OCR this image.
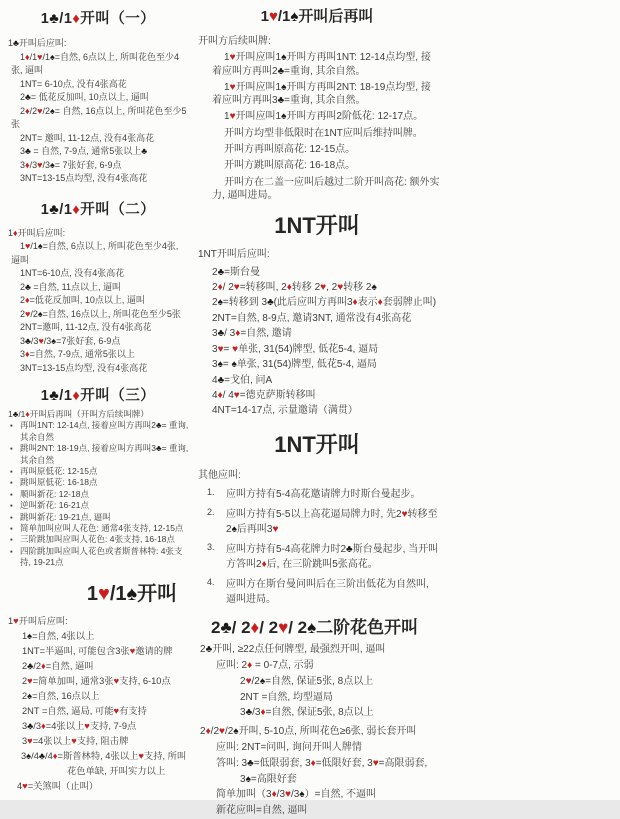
1♣/1♦开叫（一）
1♣开叫后应叫:
1♦/1♥/1♠=自然, 6点以上, 所叫花色至少4张, 逼叫
1NT= 6-10点, 没有4张高花
2♣= 低花反加叫, 10点以上, 逼叫
2♦/2♥/2♠= 自然, 16点以上, 所叫花色至少5张
2NT= 邀叫, 11-12点, 没有4张高花
3♣ = 自然, 7-9点, 通常5张以上♣
3♦/3♥/3♠= 7张好套, 6-9点
3NT=13-15点均型, 没有4张高花
1♣/1♦开叫（二）
1♦开叫后应叫:
1♥/1♠=自然, 6点以上, 所叫花色至少4张, 逼叫
1NT=6-10点, 没有4张高花
2♣ =自然, 11点以上, 逼叫
2♦=低花反加叫, 10点以上, 逼叫
2♥/2♠=自然, 16点以上, 所叫花色至少5张
2NT=邀叫, 11-12点, 没有4张高花
3♣/3♥/3♠=7张好套, 6-9点
3♦=自然, 7-9点, 通常5张以上
3NT=13-15点均型, 没有4张高花
1♣/1♦开叫（三）
1♣/1♦开叫后再叫（开叫方后续叫牌）
▪ 再叫1NT: 12-14点, 接着应叫方再叫2♣= 重询, 其余自然
▪ 跳叫2NT: 18-19点, 接着应叫方再叫3♣= 重询, 其余自然
▪ 再叫原低花: 12-15点
▪ 跳叫原低花: 16-18点
▪ 顺叫新花: 12-18点
▪ 逆叫新花: 16-21点
▪ 跳叫新花: 19-21点, 逼叫
▪ 简单加叫应叫人花色: 通常4张支持, 12-15点
▪ 三阶跳加叫应叫人花色: 4张支持, 16-18点
▪ 四阶跳加叫应叫人花色或者斯普林特: 4张支持, 19-21点
1♥/1♠开叫
1♥开叫后应叫:
1♠=自然, 4张以上
1NT=半逼叫, 可能包含3张♥邀请的牌
2♣/2♦=自然, 逼叫
2♥=简单加叫, 通常3张♥支持, 6-10点
2♠=自然, 16点以上
2NT =自然, 逼局, 可能♥有支持
3♣/3♦=4张以上♥支持, 7-9点
3♥=4张以上♥支持, 阻击牌
3♠/4♣/4♦=斯普林特, 4张以上♥支持, 所叫花色单缺, 开叫实力以上
4♥=关煞叫（止叫）
1♥/1♠开叫后再叫
开叫方后续叫牌:
1♥开叫应叫1♠开叫方再叫1NT: 12-14点均型, 接着应叫方再叫2♣=重询, 其余自然。
1♥开叫应叫1♠开叫方再叫2NT: 18-19点均型, 接着应叫方再叫3♣=重询, 其余自然。
1♥开叫应叫1♠开叫方再叫2阶低花: 12-17点。
开叫方均型非低限时在1NT应叫后维持叫牌。
开叫方再叫原高花: 12-15点。
开叫方跳叫原高花: 16-18点。
开叫方在二盖一应叫后越过二阶开叫高花: 额外实力, 逼叫进局。
1NT开叫
1NT开叫后应叫:
2♣=斯台曼
2♦/ 2♥=转移叫, 2♦转移 2♥, 2♥转移 2♠
2♠=转移到 3♣(此后应叫方再叫3♦表示♦套弱牌止叫)
2NT=自然, 8-9点, 邀请3NT, 通常没有4张高花
3♣/ 3♦=自然, 邀请
3♥= ♥单张, 31(54)牌型, 低花5-4, 逼局
3♠= ♠单张, 31(54)牌型, 低花5-4, 逼局
4♣=戈伯, 问A
4♦/ 4♥=德克萨斯转移叫
4NT=14-17点, 示量邀请（满贯）
1NT开叫
其他应叫:
1. 应叫方持有5-4高花邀请牌力时斯台曼起步。
2. 应叫方持有5-5以上高花逼局牌力时, 先2♥转移至2♠后再叫3♥
3. 应叫方持有5-4高花牌力时2♣斯台曼起步, 当开叫方答叫2♦后, 在三阶跳叫5张高花。
4. 应叫方在斯台曼问叫后在三阶出低花为自然叫, 逼叫进局。
2♣/ 2♦/ 2♥/ 2♠二阶花色开叫
2♣开叫, ≥22点任何牌型, 最强烈开叫, 逼叫
应叫: 2♦ = 0-7点, 示弱
2♥/2♠=自然, 保证5张, 8点以上
2NT =自然, 均型逼局
3♣/3♦=自然, 保证5张, 8点以上
2♦/2♥/2♠开叫, 5-10点, 所叫花色≥6张, 弱长套开叫
应叫: 2NT=问叫, 询问开叫人牌情
答叫: 3♣=低限弱套, 3♦=低限好套, 3♥=高限弱套, 3♠=高限好套
简单加叫（3♦/3♥/3♠）=自然, 不逼叫
新花应叫=自然, 逼叫
